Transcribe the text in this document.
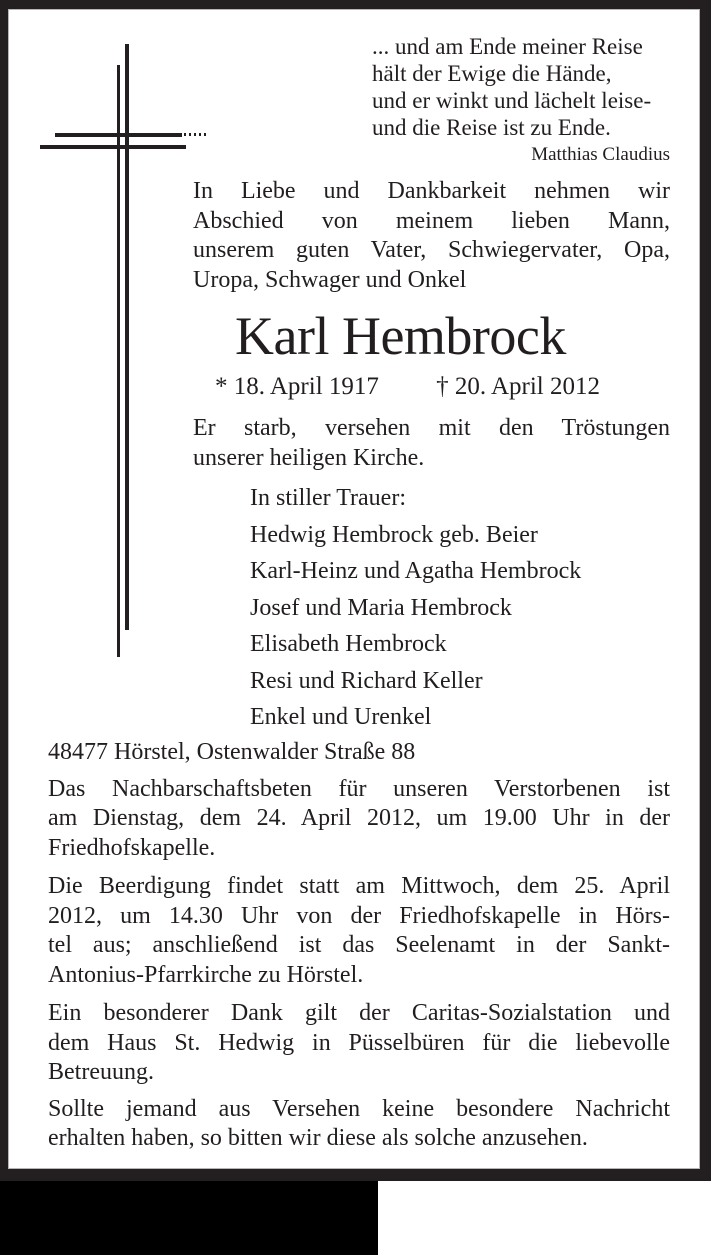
... und am Ende meiner Reise
hält der Ewige die Hände,
und er winkt und lächelt leise-
und die Reise ist zu Ende.
Matthias Claudius
In Liebe und Dankbarkeit nehmen wir
Abschied von meinem lieben Mann,
unserem guten Vater, Schwiegervater, Opa,
Uropa, Schwager und Onkel
Karl Hembrock
* 18. April 1917 † 20. April 2012
Er starb, versehen mit den Tröstungen
unserer heiligen Kirche.
In stiller Trauer:
Hedwig Hembrock geb. Beier
Karl-Heinz und Agatha Hembrock
Josef und Maria Hembrock
Elisabeth Hembrock
Resi und Richard Keller
Enkel und Urenkel
48477 Hörstel, Ostenwalder Straße 88
Das Nachbarschaftsbeten für unseren Verstorbenen ist
am Dienstag, dem 24. April 2012, um 19.00 Uhr in der
Friedhofskapelle.
Die Beerdigung findet statt am Mittwoch, dem 25. April
2012, um 14.30 Uhr von der Friedhofskapelle in Hörs-
tel aus; anschließend ist das Seelenamt in der Sankt-
Antonius-Pfarrkirche zu Hörstel.
Ein besonderer Dank gilt der Caritas-Sozialstation und
dem Haus St. Hedwig in Püsselbüren für die liebevolle
Betreuung.
Sollte jemand aus Versehen keine besondere Nachricht
erhalten haben, so bitten wir diese als solche anzusehen.
